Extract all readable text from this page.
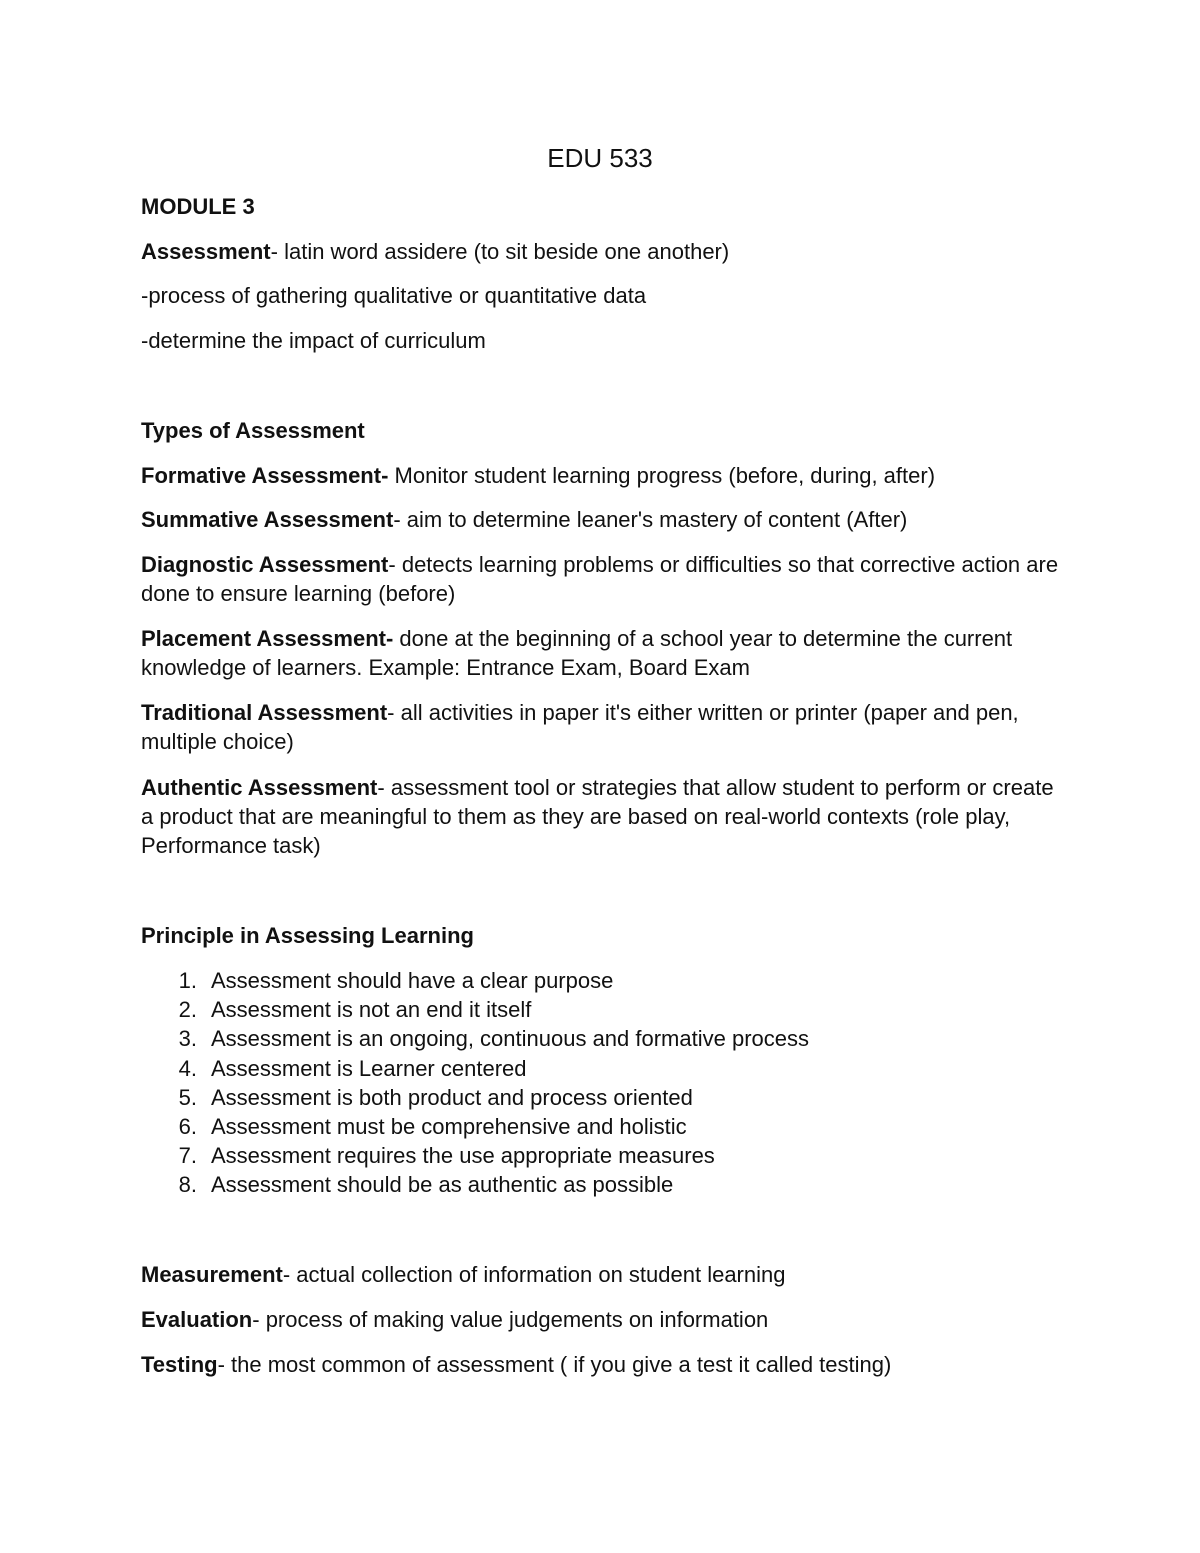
EDU 533
MODULE 3
Assessment- latin word assidere (to sit beside one another)
-process of gathering qualitative or quantitative data
-determine the impact of curriculum
Types of Assessment
Formative Assessment- Monitor student learning progress (before, during, after)
Summative Assessment- aim to determine leaner's mastery of content (After)
Diagnostic Assessment- detects learning problems or difficulties so that corrective action are done to ensure learning (before)
Placement Assessment- done at the beginning of a school year to determine the current knowledge of learners. Example: Entrance Exam, Board Exam
Traditional Assessment- all activities in paper it's either written or printer (paper and pen, multiple choice)
Authentic Assessment- assessment tool or strategies that allow student to perform or create a product that are meaningful to them as they are based on real-world contexts (role play, Performance task)
Principle in Assessing Learning
1. Assessment should have a clear purpose
2. Assessment is not an end it itself
3. Assessment is an ongoing, continuous and formative process
4. Assessment is Learner centered
5. Assessment is both product and process oriented
6. Assessment must be comprehensive and holistic
7. Assessment requires the use appropriate measures
8. Assessment should be as authentic as possible
Measurement- actual collection of information on student learning
Evaluation- process of making value judgements on information
Testing- the most common of assessment ( if you give a test it called testing)
